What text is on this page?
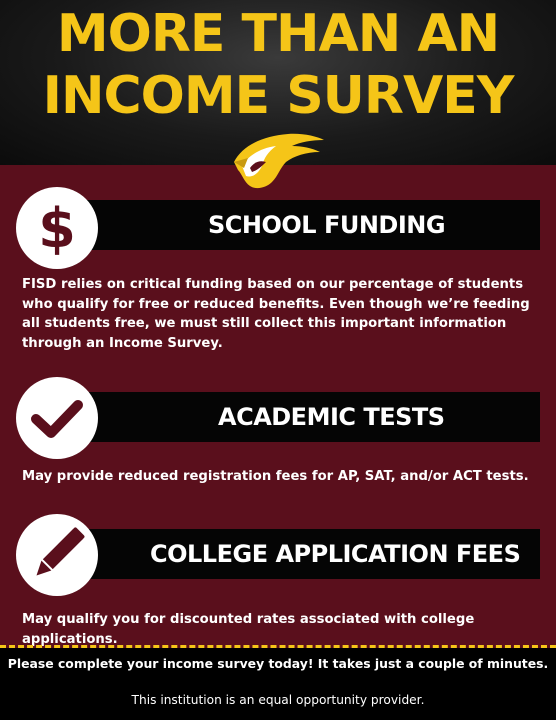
MORE THAN AN
INCOME SURVEY
SCHOOL FUNDING
$
FISD relies on critical funding based on our percentage of students who qualify for free or reduced benefits. Even though we’re feeding all students free, we must still collect this important information through an Income Survey.
ACADEMIC TESTS
May provide reduced registration fees for AP, SAT, and/or ACT tests.
COLLEGE APPLICATION FEES
May qualify you for discounted rates associated with college applications.
Please complete your income survey today! It takes just a couple of minutes.
This institution is an equal opportunity provider.
